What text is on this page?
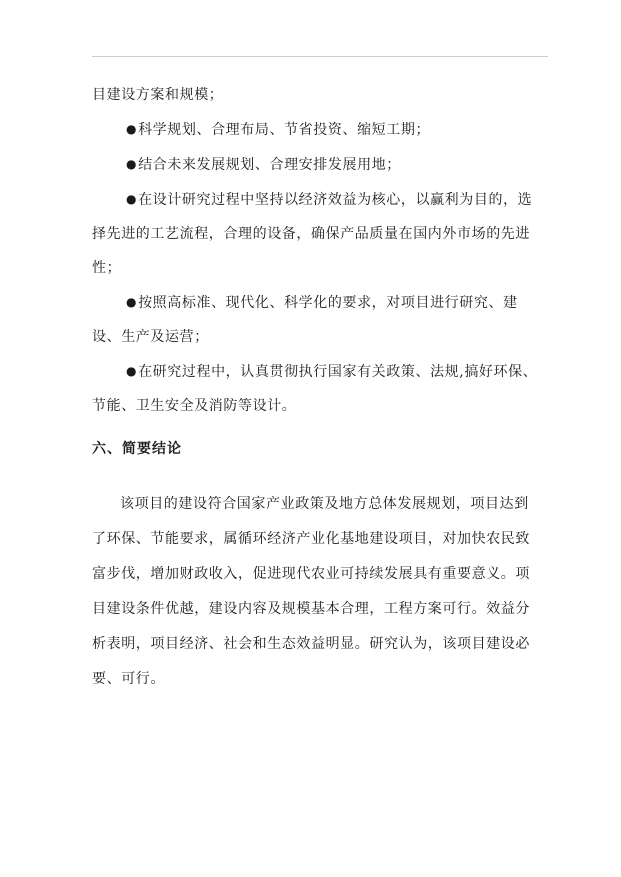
目建设方案和规模；

●科学规划、合理布局、节省投资、缩短工期；

●结合未来发展规划、合理安排发展用地；

●在设计研究过程中坚持以经济效益为核心，以赢利为目的，选择先进的工艺流程，合理的设备，确保产品质量在国内外市场的先进性；

●按照高标准、现代化、科学化的要求，对项目进行研究、建设、生产及运营；

●在研究过程中，认真贯彻执行国家有关政策、法规,搞好环保、节能、卫生安全及消防等设计。

六、简要结论

该项目的建设符合国家产业政策及地方总体发展规划，项目达到了环保、节能要求，属循环经济产业化基地建设项目，对加快农民致富步伐，增加财政收入，促进现代农业可持续发展具有重要意义。项目建设条件优越，建设内容及规模基本合理，工程方案可行。效益分析表明，项目经济、社会和生态效益明显。研究认为，该项目建设必要、可行。
